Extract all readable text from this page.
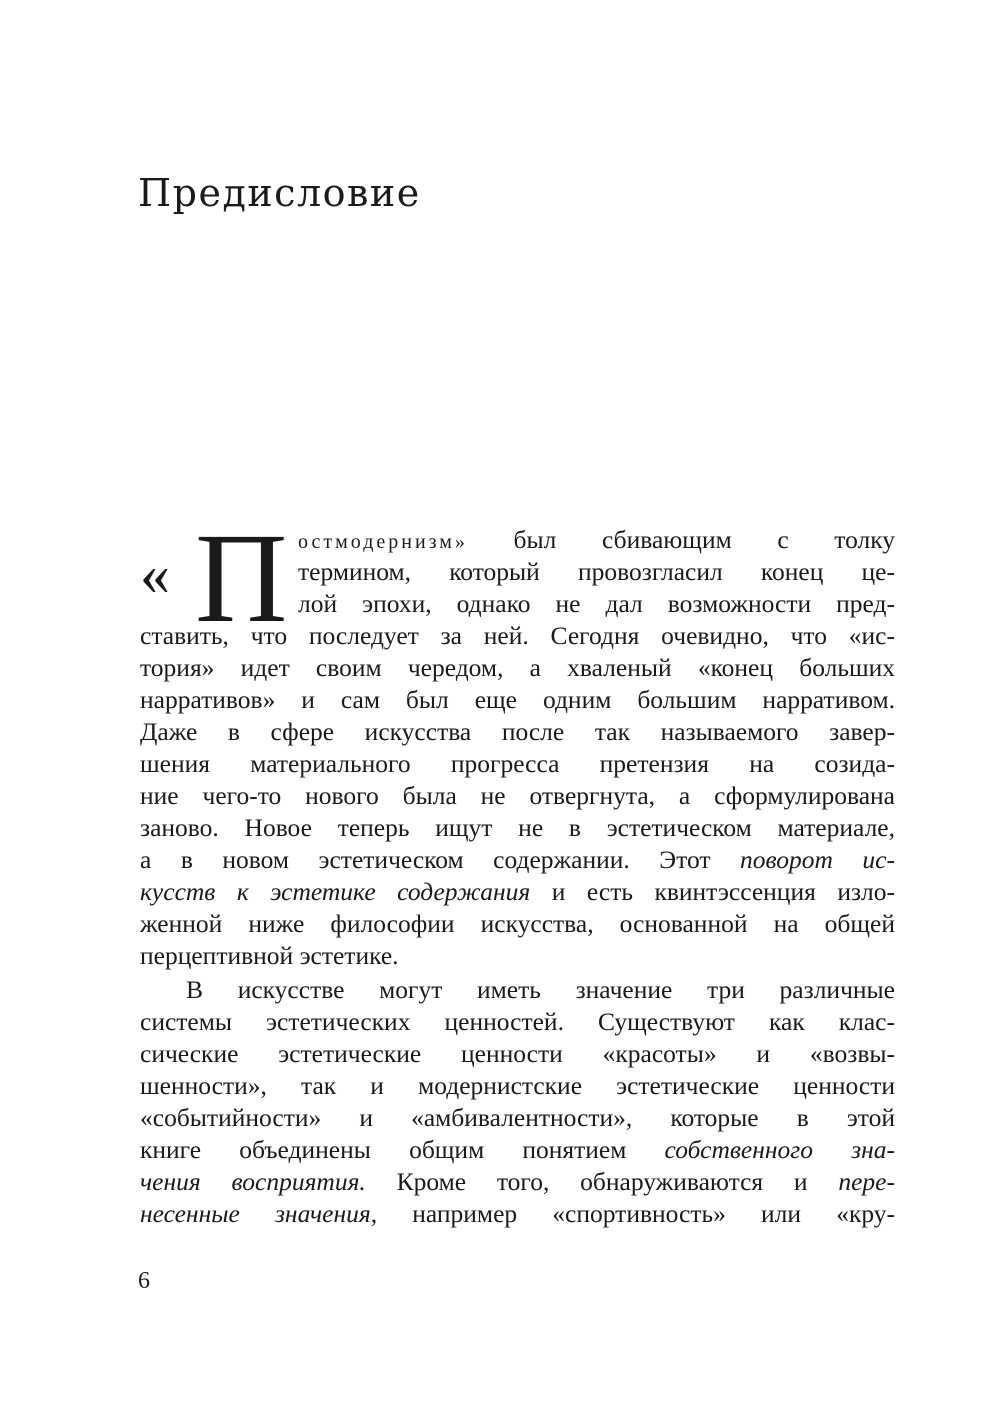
Предисловие
« П остмодернизм» был сбивающим с толку
термином, который провозгласил конец це-
лой эпохи, однако не дал возможности пред-
ставить, что последует за ней. Сегодня очевидно, что «ис-
тория» идет своим чередом, а хваленый «конец больших
нарративов» и сам был еще одним большим нарративом.
Даже в сфере искусства после так называемого завер-
шения материального прогресса претензия на созида-
ние чего-то нового была не отвергнута, а сформулирована
заново. Новое теперь ищут не в эстетическом материале,
а в новом эстетическом содержании. Этот поворот ис-
кусств к эстетике содержания и есть квинтэссенция изло-
женной ниже философии искусства, основанной на общей
перцептивной эстетике.
В искусстве могут иметь значение три различные
системы эстетических ценностей. Существуют как клас-
сические эстетические ценности «красоты» и «возвы-
шенности», так и модернистские эстетические ценности
«событийности» и «амбивалентности», которые в этой
книге объединены общим понятием собственного зна-
чения восприятия. Кроме того, обнаруживаются и пере-
несенные значения, например «спортивность» или «кру-
6
